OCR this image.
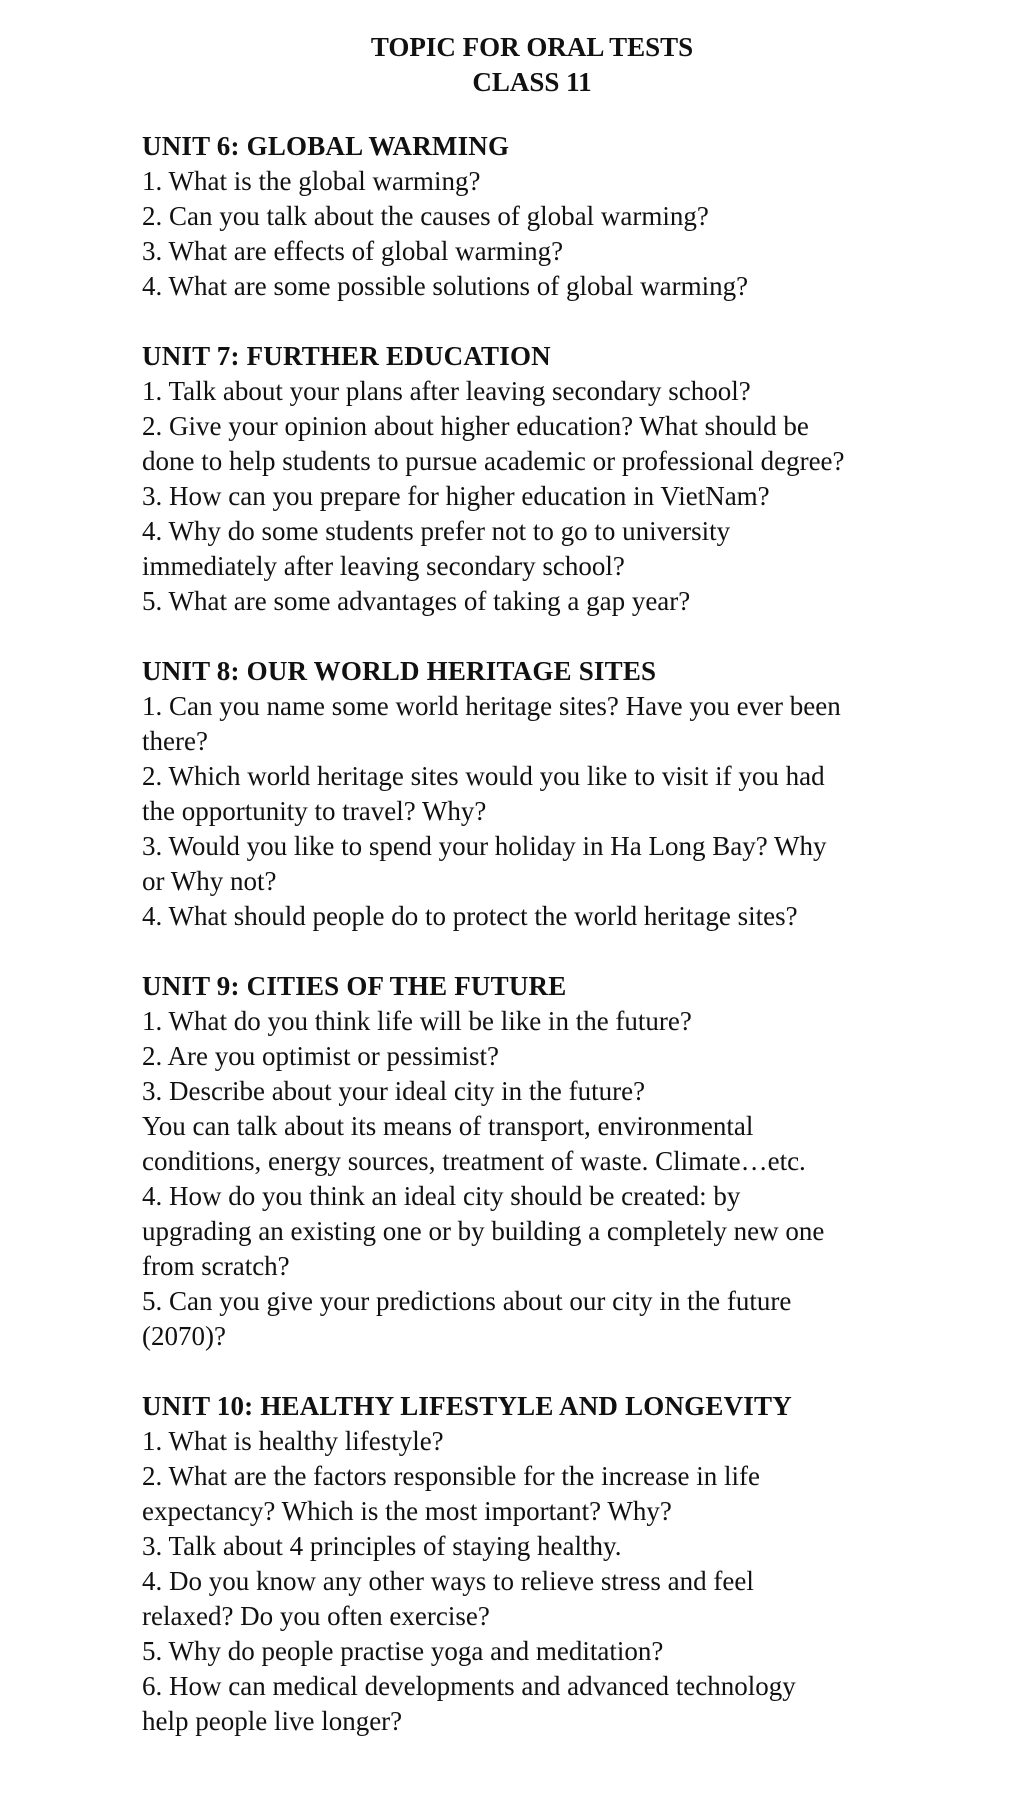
TOPIC FOR ORAL TESTS
CLASS 11
UNIT 6: GLOBAL WARMING
1. What is the global warming?
2. Can you talk about the causes of global warming?
3. What are effects of global warming?
4. What are some possible solutions of global warming?
UNIT 7: FURTHER EDUCATION
1. Talk about your plans after leaving secondary school?
2. Give your opinion about higher education? What should be
done to help students to pursue academic or professional degree?
3. How can you prepare for higher education in VietNam?
4. Why do some students prefer not to go to university
immediately after leaving secondary school?
5. What are some advantages of taking a gap year?
UNIT 8: OUR WORLD HERITAGE SITES
1. Can you name some world heritage sites? Have you ever been
there?
2. Which world heritage sites would you like to visit if you had
the opportunity to travel? Why?
3. Would you like to spend your holiday in Ha Long Bay? Why
or Why not?
4. What should people do to protect the world heritage sites?
UNIT 9: CITIES OF THE FUTURE
1. What do you think life will be like in the future?
2. Are you optimist or pessimist?
3. Describe about your ideal city in the future?
You can talk about its means of transport, environmental
conditions, energy sources, treatment of waste. Climate…etc.
4. How do you think an ideal city should be created: by
upgrading an existing one or by building a completely new one
from scratch?
5. Can you give your predictions about our city in the future
(2070)?
UNIT 10: HEALTHY LIFESTYLE AND LONGEVITY
1. What is healthy lifestyle?
2. What are the factors responsible for the increase in life
expectancy? Which is the most important? Why?
3. Talk about 4 principles of staying healthy.
4. Do you know any other ways to relieve stress and feel
relaxed? Do you often exercise?
5. Why do people practise yoga and meditation?
6. How can medical developments and advanced technology
help people live longer?
